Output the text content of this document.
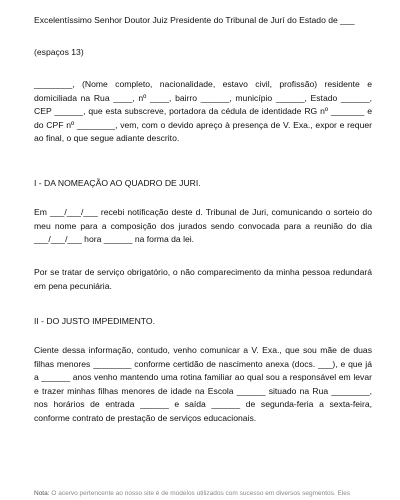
Excelentíssimo Senhor Doutor Juiz Presidente do Tribunal de Jurí do Estado de ___

(espaços 13)

________, (Nome completo, nacionalidade, estavo civil, profissão) residente e domiciliada na Rua ____, nº ____, bairro ______, município ______, Estado ______, CEP ______, que esta subscreve, portadora da cédula de identidade RG nº _______ e do CPF nº ________, vem, com o devido apreço à presença de V. Exa., expor e requer ao final, o que segue adiante descrito.

I - DA NOMEAÇÃO AO QUADRO DE JURI.

Em ___/___/___ recebi notificação deste d. Tribunal de Juri, comunicando o sorteio do meu nome para a composição dos jurados sendo convocada para a reunião do dia ___/___/___ hora ______ na forma da lei.

Por se tratar de serviço obrigatório, o não comparecimento da minha pessoa redundará em pena pecuniária.

II - DO JUSTO IMPEDIMENTO.

Ciente dessa informação, contudo, venho comunicar a V. Exa., que sou mãe de duas filhas menores ________ conforme certidão de nascimento anexa (docs. ___), e que já a ______ anos venho mantendo uma rotina familiar ao qual sou a responsável em levar e trazer minhas filhas menores de idade na Escola ______ situado na Rua ________, nos horários de entrada ______ e saída ______ de segunda-feria a sexta-feira, conforme contrato de prestação de serviços educacionais.

Nota: O acervo pertencente ao nosso site é de modelos utilizados com sucesso em diversos segmentos. Eles
